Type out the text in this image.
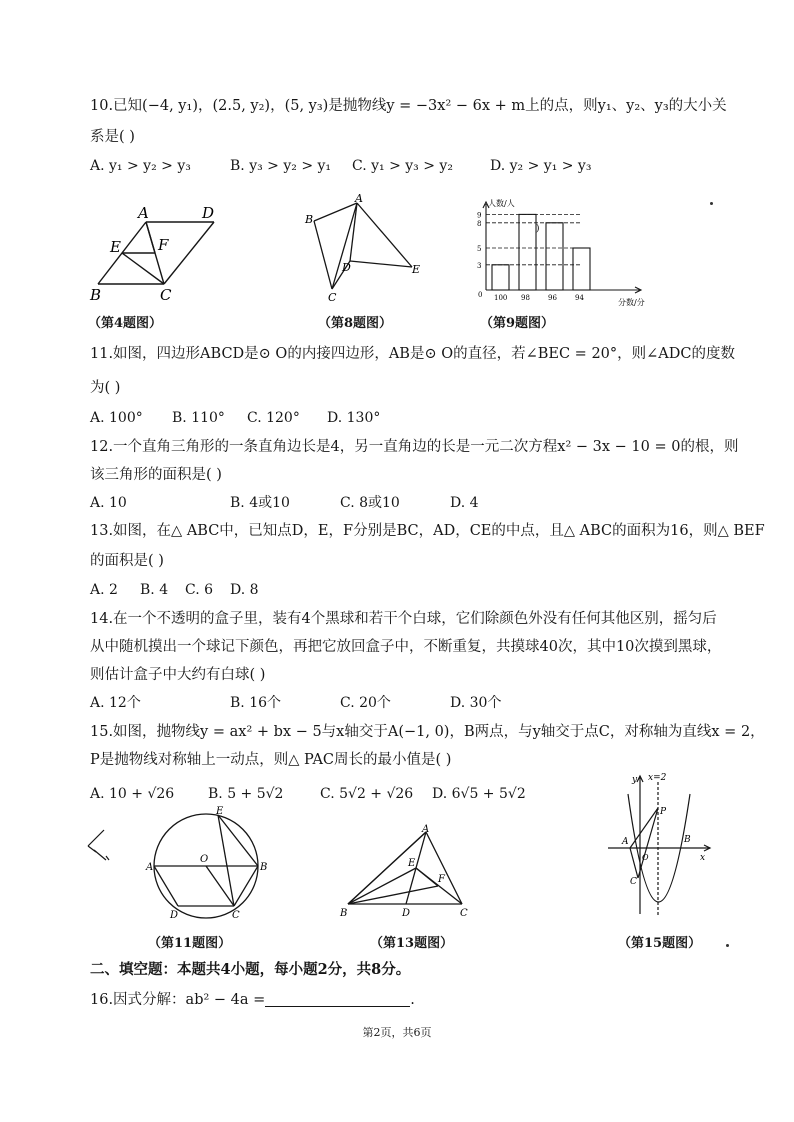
10.已知(−4, y₁)，(2.5, y₂)，(5, y₃)是抛物线y = −3x² − 6x + m上的点，则y₁、y₂、y₃的大小关
系是( )
A. y₁ > y₂ > y₃	B. y₃ > y₂ > y₁ C. y₁ > y₃ > y₂	D. y₂ > y₁ > y₃
A	D
E F
B	C
（第4题图）
A
B
D	E
C
（第8题图）
人数/人
分数/分
0 100 98	96	94
3
5
8
9
)
（第9题图）
11.如图，四边形ABCD是⊙ O的内接四边形，AB是⊙ O的直径，若∠BEC = 20°，则∠ADC的度数
为( )
A. 100° B. 110° C. 120° D. 130°
12.一个直角三角形的一条直角边长是4，另一直角边的长是一元二次方程x² − 3x − 10 = 0的根，则
该三角形的面积是( )
A. 10	B. 4或10	C. 8或10	D. 4
13.如图，在△ ABC中，已知点D，E，F分别是BC，AD，CE的中点，且△ ABC的面积为16，则△ BEF
的面积是( )
A. 2 B. 4 C. 6 D. 8
14.在一个不透明的盒子里，装有4个黑球和若干个白球，它们除颜色外没有任何其他区别，摇匀后
从中随机摸出一个球记下颜色，再把它放回盒子中，不断重复，共摸球40次，其中10次摸到黑球，
则估计盒子中大约有白球( )
A. 12个	B. 16个	C. 20个	D. 30个
15.如图，抛物线y = ax² + bx − 5与x轴交于A(−1, 0)，B两点，与y轴交于点C，对称轴为直线x = 2，
P是抛物线对称轴上一动点，则△ PAC周长的最小值是( )
A. 10 + √26 B. 5 + 5√2	C. 5√2 + √26 D. 6√5 + 5√2
E
A
O
B
D	C
（第11题图）
A
E
F
B	D	C
（第13题图）
x=2
y
P
A	B
x
C
O
（第15题图）
二、填空题：本题共4小题，每小题2分，共8分。
16.因式分解：ab² − 4a =	.
第2页，共6页
